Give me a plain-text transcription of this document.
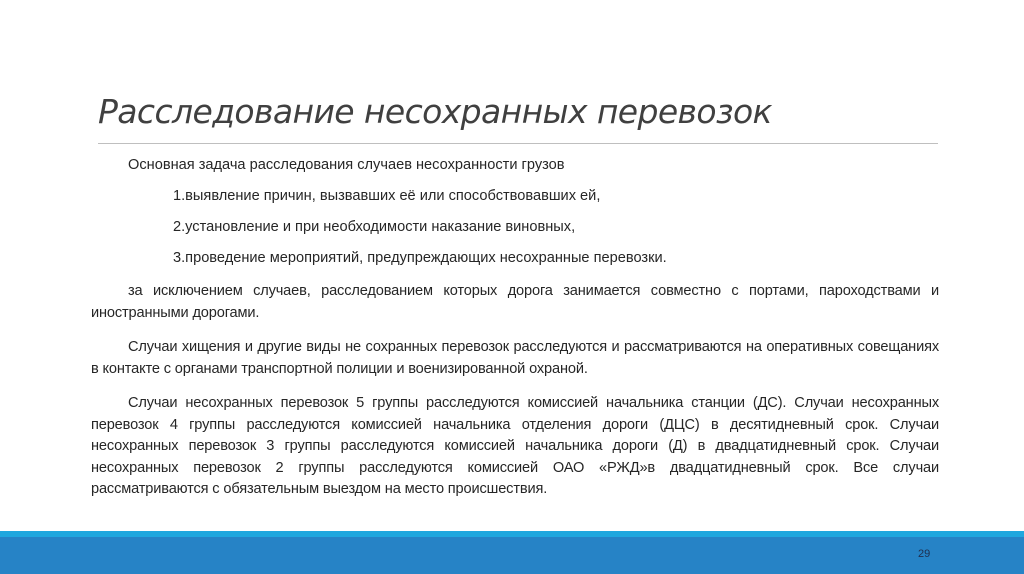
Расследование несохранных перевозок
Основная задача расследования случаев несохранности грузов
1.выявление причин, вызвавших её или способствовавших ей,
2.установление и при необходимости наказание виновных,
3.проведение мероприятий, предупреждающих несохранные перевозки.
за исключением случаев, расследованием которых дорога занимается совместно с портами, пароходствами и иностранными дорогами.
Случаи хищения и другие виды не сохранных перевозок расследуются и рассматриваются на оперативных совещаниях в контакте с органами транспортной полиции и военизированной охраной.
Случаи несохранных перевозок 5 группы расследуются комиссией начальника станции (ДС). Случаи несохранных перевозок 4 группы расследуются комиссией начальника отделения дороги (ДЦС) в десятидневный срок. Случаи несохранных перевозок 3 группы расследуются комиссией начальника дороги (Д) в двадцатидневный срок. Случаи несохранных перевозок 2 группы расследуются комиссией ОАО «РЖД»в двадцатидневный срок. Все случаи рассматриваются с обязательным выездом на место происшествия.
29
